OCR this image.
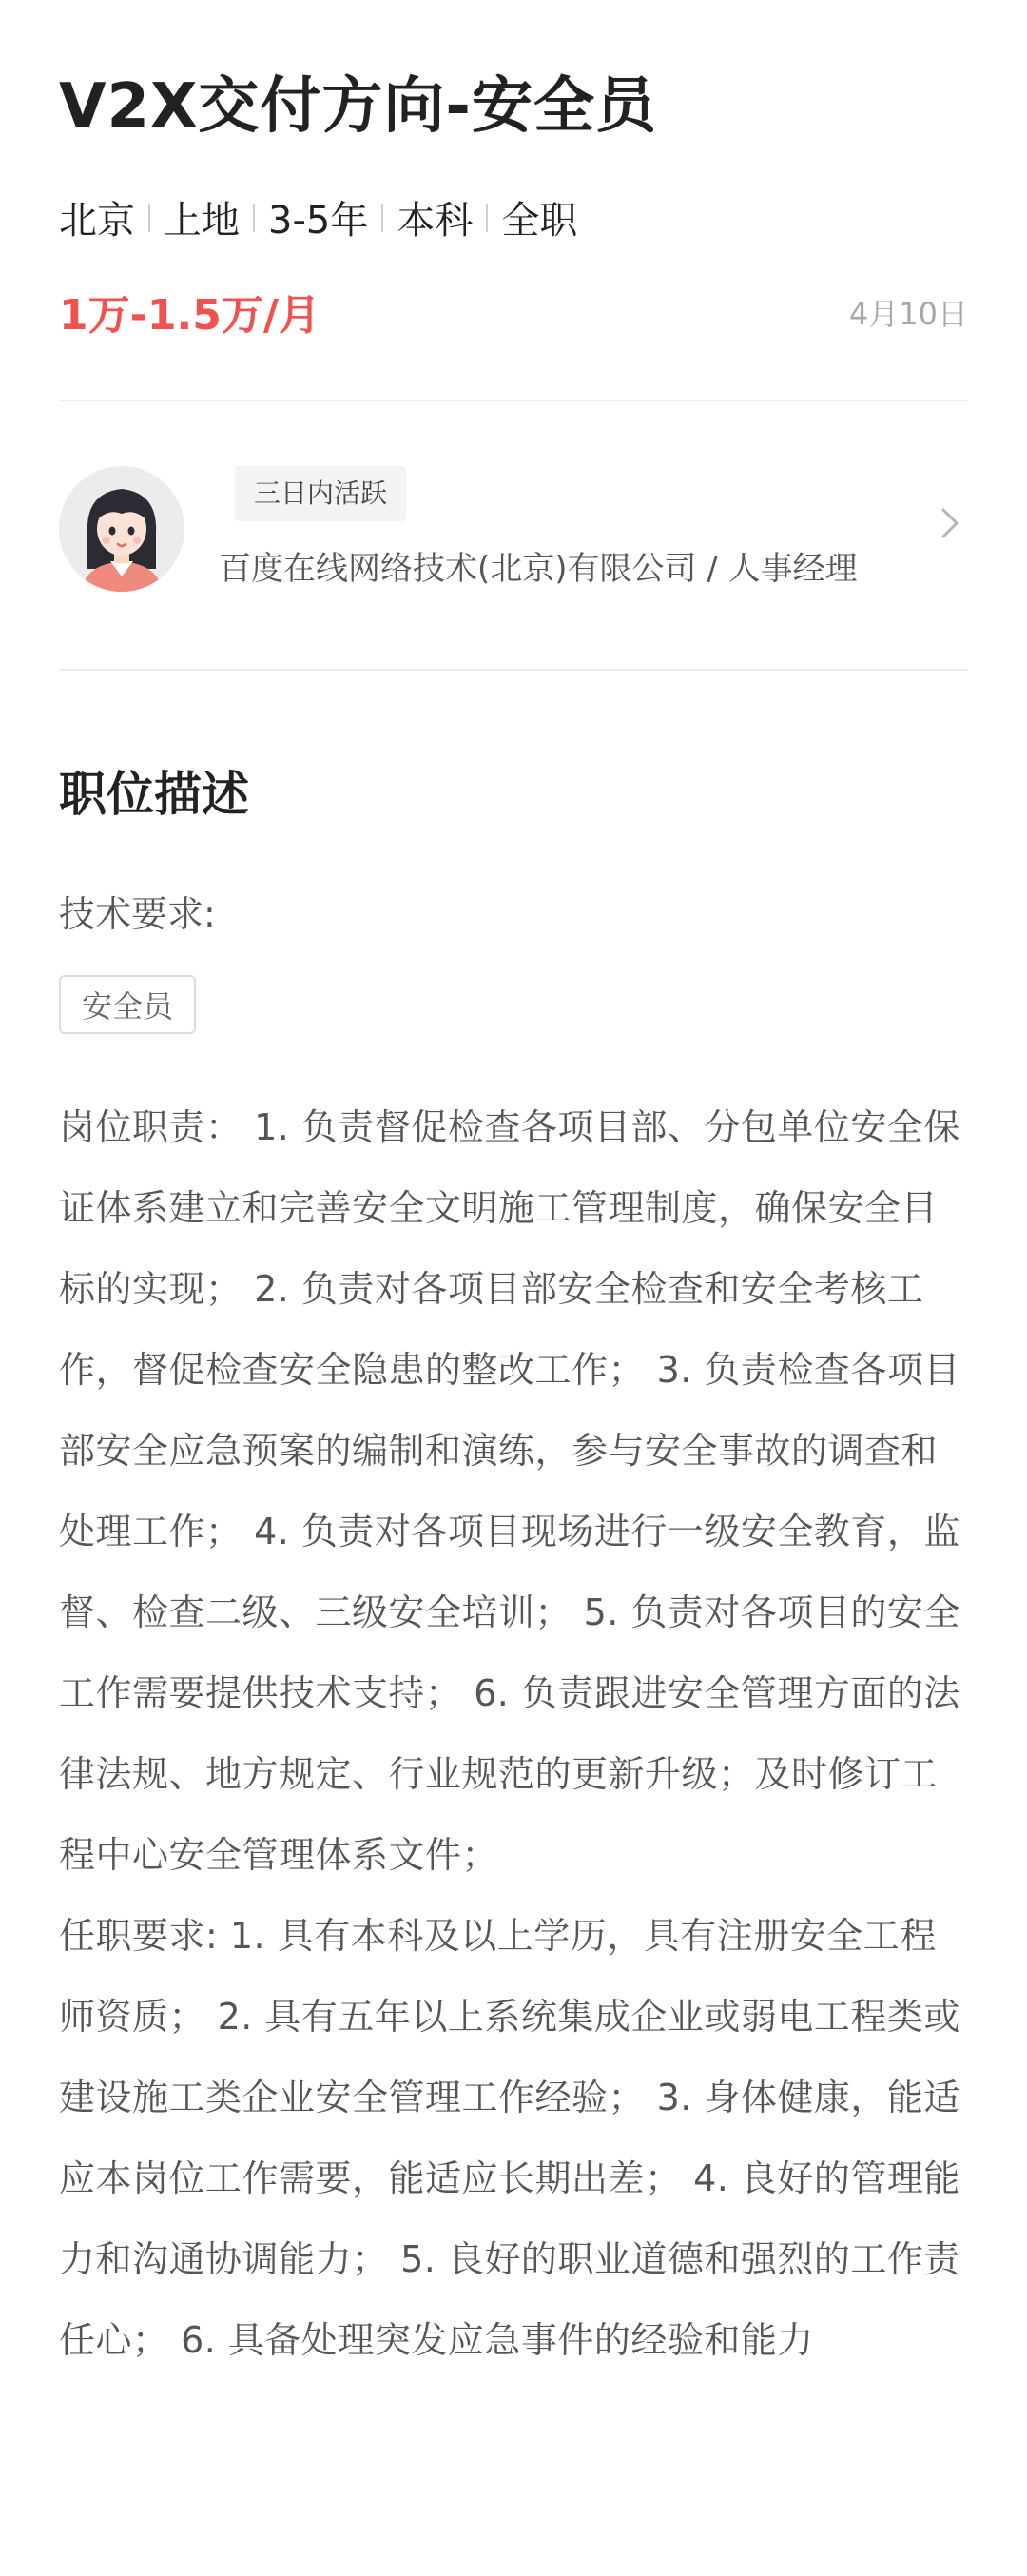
V2X交付方向-安全员
北京 上地 3-5年 本科 全职
1万-1.5万/月	4月10日
三日内活跃
百度在线网络技术(北京)有限公司 / 人事经理
职位描述
技术要求:
安全员

岗位职责： 1. 负责督促检查各项目部、分包单位安全保证体系建立和完善安全文明施工管理制度，确保安全目标的实现； 2. 负责对各项目部安全检查和安全考核工作，督促检查安全隐患的整改工作； 3. 负责检查各项目部安全应急预案的编制和演练，参与安全事故的调查和处理工作； 4. 负责对各项目现场进行一级安全教育，监督、检查二级、三级安全培训； 5. 负责对各项目的安全工作需要提供技术支持； 6. 负责跟进安全管理方面的法律法规、地方规定、行业规范的更新升级；及时修订工程中心安全管理体系文件；

任职要求: 1. 具有本科及以上学历，具有注册安全工程师资质； 2. 具有五年以上系统集成企业或弱电工程类或建设施工类企业安全管理工作经验； 3. 身体健康，能适应本岗位工作需要，能适应长期出差； 4. 良好的管理能力和沟通协调能力； 5. 良好的职业道德和强烈的工作责任心； 6. 具备处理突发应急事件的经验和能力
